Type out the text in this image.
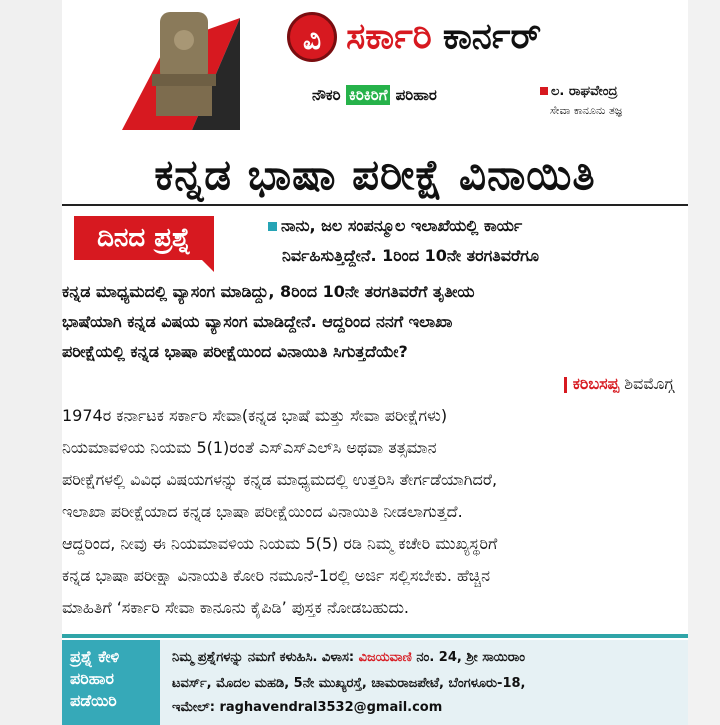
ವಿ ಸರ್ಕಾರಿ ಕಾರ್ನರ್
ನೌಕರಿ ಕಿರಿಕಿರಿಗೆ ಪರಿಹಾರ	ಲ. ರಾಘವೇಂದ್ರ
ಸೇವಾ ಕಾನೂನು ತಜ್ಞ
ಕನ್ನಡ ಭಾಷಾ ಪರೀಕ್ಷೆ ವಿನಾಯಿತಿ
ದಿನದ ಪ್ರಶ್ನೆ	ನಾನು, ಜಲ ಸಂಪನ್ಮೂಲ ಇಲಾಖೆಯಲ್ಲಿ ಕಾರ್ಯ
ನಿರ್ವಹಿಸುತ್ತಿದ್ದೇನೆ. 1ರಿಂದ 10ನೇ ತರಗತಿವರೆಗೂ
ಕನ್ನಡ ಮಾಧ್ಯಮದಲ್ಲಿ ವ್ಯಾಸಂಗ ಮಾಡಿದ್ದು, 8ರಿಂದ 10ನೇ ತರಗತಿವರೆಗೆ ತೃತೀಯ
ಭಾಷೆಯಾಗಿ ಕನ್ನಡ ವಿಷಯ ವ್ಯಾಸಂಗ ಮಾಡಿದ್ದೇನೆ. ಆದ್ದರಿಂದ ನನಗೆ ಇಲಾಖಾ
ಪರೀಕ್ಷೆಯಲ್ಲಿ ಕನ್ನಡ ಭಾಷಾ ಪರೀಕ್ಷೆಯಿಂದ ವಿನಾಯಿತಿ ಸಿಗುತ್ತದೆಯೇ?
ಕರಿಬಸಪ್ಪ ಶಿವಮೊಗ್ಗ
1974ರ ಕರ್ನಾಟಕ ಸರ್ಕಾರಿ ಸೇವಾ(ಕನ್ನಡ ಭಾಷೆ ಮತ್ತು ಸೇವಾ ಪರೀಕ್ಷೆಗಳು)
ನಿಯಮಾವಳಿಯ ನಿಯಮ 5(1)ರಂತೆ ಎಸ್‌ಎಸ್‌ಎಲ್‌ಸಿ ಅಥವಾ ತತ್ಸಮಾನ
ಪರೀಕ್ಷೆಗಳಲ್ಲಿ ವಿವಿಧ ವಿಷಯಗಳನ್ನು ಕನ್ನಡ ಮಾಧ್ಯಮದಲ್ಲಿ ಉತ್ತರಿಸಿ ತೇರ್ಗಡೆಯಾಗಿದರೆ,
ಇಲಾಖಾ ಪರೀಕ್ಷೆಯಾದ ಕನ್ನಡ ಭಾಷಾ ಪರೀಕ್ಷೆಯಿಂದ ವಿನಾಯಿತಿ ನೀಡಲಾಗುತ್ತದೆ.
ಆದ್ದರಿಂದ, ನೀವು ಈ ನಿಯಮಾವಳಿಯ ನಿಯಮ 5(5) ರಡಿ ನಿಮ್ಮ ಕಚೇರಿ ಮುಖ್ಯಸ್ಥರಿಗೆ
ಕನ್ನಡ ಭಾಷಾ ಪರೀಕ್ಷಾ ವಿನಾಯತಿ ಕೋರಿ ನಮೂನೆ-1ರಲ್ಲಿ ಅರ್ಜಿ ಸಲ್ಲಿಸಬೇಕು. ಹೆಚ್ಚಿನ
ಮಾಹಿತಿಗೆ ‘ಸರ್ಕಾರಿ ಸೇವಾ ಕಾನೂನು ಕೈಪಿಡಿ’ ಪುಸ್ತಕ ನೋಡಬಹುದು.
ಪ್ರಶ್ನೆ ಕೇಳಿ
ಪರಿಹಾರ
ಪಡೆಯಿರಿ
ನಿಮ್ಮ ಪ್ರಶ್ನೆಗಳನ್ನು ನಮಗೆ ಕಳುಹಿಸಿ. ವಿಳಾಸ: ವಿಜಯವಾಣಿ ನಂ. 24, ಶ್ರೀ ಸಾಯಿರಾಂ
ಟವರ್ಸ್, ಮೊದಲ ಮಹಡಿ, 5ನೇ ಮುಖ್ಯರಸ್ತೆ, ಚಾಮರಾಜಪೇಟೆ, ಬೆಂಗಳೂರು-18,
ಇಮೇಲ್: raghavendral3532@gmail.com
